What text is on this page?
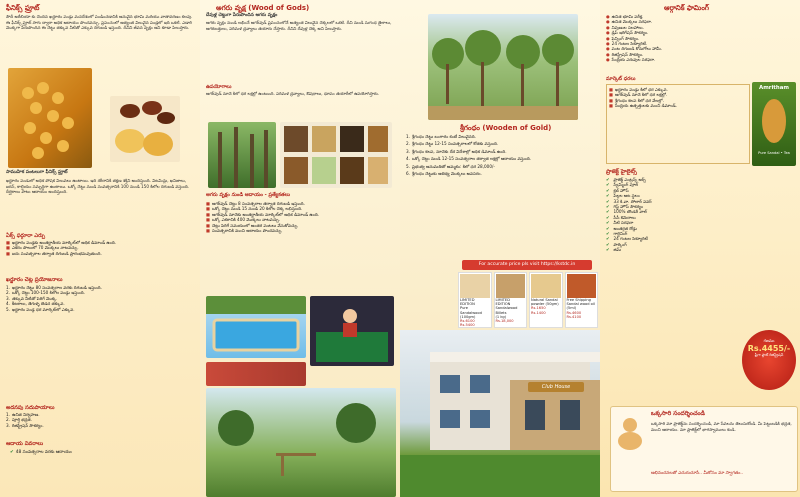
ఫీనిక్స్ ఫ్రూట్

సౌదీ అరేబియా కు చెందిన ఖర్జూరం పండ్లు మనదేశంలో పండించడానికి అనువైన భూమి మరియు వాతావరణం కలవు. ఈ ఫీనిక్స్ ఫ్రూట్ సాగు ద్వారా అధిక ఆదాయం పొందవచ్చు. ప్రపంచంలో అత్యంత విలువైన పండ్లలో ఇది ఒకటి. ఎడారి మొక్కగా పేరుపొందిన ఈ చెట్టు తక్కువ నీటితో ఎక్కువ దిగుబడి ఇస్తుంది. దీనిని జీవన వృక్షం అని కూడా పిలుస్తారు.

సాముహిక పంటలుగా ఫీనిక్స్ ఫ్రూట్

ఖర్జూరం పండులో అధిక పోషక విలువలు ఉంటాయి. ఇది శరీరానికి తక్షణ శక్తిని అందిస్తుంది. విటమిన్లు, ఖనిజాలు, ఐరన్, కాల్షియం సమృద్ధిగా ఉంటాయి. ఒక్కో చెట్టు నుండి సంవత్సరానికి 100 నుండి 150 కిలోల దిగుబడి వస్తుంది. దీర్ఘకాలం పాటు ఆదాయం అందిస్తుంది.

ఏక్స్ ఫర్గూరా ఎర్పు
■ ఖర్జూరం పండ్లకు అంతర్జాతీయ మార్కెట్‌లో అధిక డిమాండ్ ఉంది.
■ ఎకరం పొలంలో 70 మొక్కలు నాటవచ్చు.
■ ఐదు సంవత్సరాల తర్వాత దిగుబడి ప్రారంభమవుతుంది.
ఖర్జూరం చెట్ల ప్రయోజనాలు
1. ఖర్జూరం చెట్టు 80 సంవత్సరాల వరకు దిగుబడి ఇస్తుంది.
2. ఒక్కో చెట్టు 100-150 కిలోల పండ్లు ఇస్తుంది.
3. తక్కువ నీటితో పెరిగే మొక్క.
4. కీటకాలు, తెగుళ్ళ బెడద తక్కువ.
5. ఖర్జూరం పండ్ల ధర మార్కెట్‌లో ఎక్కువ.
అదనపు సదుపాయాలు
1. ఉచిత నిర్వహణ.
2. పూర్తి భద్రత.
3. రిజిస్ట్రేషన్ సౌకర్యం.
ఆదాయ వివరాలు
✔ 48 సంవత్సరాల వరకు ఆదాయం
అగరు వృక్ష (Wood of Gods)
దేవుళ్ల చెట్టుగా పేరుపొందిన అగరు వృక్షం

అగరు వృక్షం నుండి లభించే అగర్‌వుడ్ ప్రపంచంలోనే అత్యంత విలువైన చెక్కలలో ఒకటి. దీని నుండి సుగంధ తైలాలు, అగరబత్తులు, పరిమళ ద్రవ్యాలు తయారు చేస్తారు. దీనిని దేవుళ్ల చెక్క అని పిలుస్తారు.

ఉపయోగాలు

అగర్‌వుడ్ నూనె కిలో ధర లక్షల్లో ఉంటుంది. పరిమళ ద్రవ్యాలు, ఔషధాలు, ధూపం తయారీలో ఉపయోగిస్తారు.

అగరు వృక్షం నుండి ఆదాయం - ప్రత్యేకతలు
■ అగర్‌వుడ్ చెట్టు 8 సంవత్సరాల తర్వాత దిగుబడి ఇస్తుంది.
■ ఒక్కో చెట్టు నుండి 15 నుండి 20 కిలోల చెక్క లభిస్తుంది.
■ అగర్‌వుడ్ నూనెకు అంతర్జాతీయ మార్కెట్‌లో అధిక డిమాండ్ ఉంది.
■ ఒక్కో ఎకరానికి 400 మొక్కలు నాటవచ్చు.
■ చెట్లు పెరిగే సమయంలో అంతర పంటలు వేసుకోవచ్చు.
■ సంవత్సరానికి మంచి ఆదాయం పొందవచ్చు.
శ్రీగంధం (Wooden of Gold)
1. శ్రీగంధం చెట్టు బంగారం కంటే విలువైనది.
2. శ్రీగంధం చెట్టు 12-15 సంవత్సరాలలో కోతకు వస్తుంది.
3. శ్రీగంధం కలప, నూనెకు దేశ విదేశాల్లో అధిక డిమాండ్ ఉంది.
4. ఒక్కో చెట్టు నుండి 12-15 సంవత్సరాల తర్వాత లక్షల్లో ఆదాయం వస్తుంది.
5. ప్రభుత్వ అనుమతితో అమ్మకం: కిలో ధర 28,000/-
6. శ్రీగంధం చెట్టుకు ఆతిథ్య మొక్కలు అవసరం.
For accurate price pls visit https://kstdc.in
LIMITED EDITION
Pure Sandalwood
(100gm)
Rs.6100 Rs.5400
LIMITED EDITION
Sandalwood Billets
(1 kg)
Rs.18,000
Natural Sandal
powder (50gm)
Rs.1650 Rs.1400
Free Shipping
Sandal wood oil
(5ml)
Rs.4600 Rs.4100
Club House
ఆర్గానిక్ ఫామింగ్
● ఉచిత భూమి పరీక్ష.
● ఉచిత మొక్కలు సరఫరా.
● నిపుణుల సలహాలు.
● డ్రిప్ ఇరిగేషన్ సౌకర్యం.
● ఫెన్సింగ్ సౌకర్యం.
● 24 గంటల సెక్యూరిటీ.
● పంట దిగుబడి కొనుగోలు హామీ.
● రిజిస్ట్రేషన్ సౌకర్యం.
● సేంద్రియ ఎరువుల సరఫరా.
మార్కెట్ ధరలు
■ ఖర్జూరం పండ్లు కిలో ధర ఎక్కువ.
■ అగర్‌వుడ్ నూనె కిలో ధర లక్షల్లో.
■ శ్రీగంధం కలప కిలో ధర వేలల్లో.
■ సేంద్రియ ఉత్పత్తులకు మంచి డిమాండ్.
Amritham
Pure Sandal • Tea
ప్రాజెక్ట్ హైలైట్స్
✔ ప్రాజెక్ట్ ఎంట్రన్స్ ఆర్చ్
✔ స్విమ్మింగ్ పూల్
✔ క్లబ్ హౌస్
✔ పిల్లల ఆట స్థలం
✔ 33 కి.వా. సోలార్ పవర్
✔ గెస్ట్ హౌస్ సౌకర్యం
✔ 100% బౌండరీ వాల్
✔ సీసీ కెమెరాలు
✔ నీటి సరఫరా
✔ అంతర్గత రోడ్లు
✔ గార్డెనింగ్
✔ 24 గంటల సెక్యూరిటీ
✔ పార్కింగ్
✔ జిమ్
గజము
Rs.4455/-
ఫ్రీగా ప్లాట్ రిజిస్ట్రేషన్
ఒక్కసారి సందర్శించండి

ఒక్కసారి మా ప్రాజెక్ట్‌ను సందర్శించండి, మా సేవలను తెలుసుకోండి. మీ పెట్టుబడికి భద్రత, మంచి ఆదాయం. మా ప్రాజెక్ట్‌లో భాగస్వాములు కండి.

అభినందనలతో ఎదురుచూసే.. మీకోసం మా స్వాగతం..
